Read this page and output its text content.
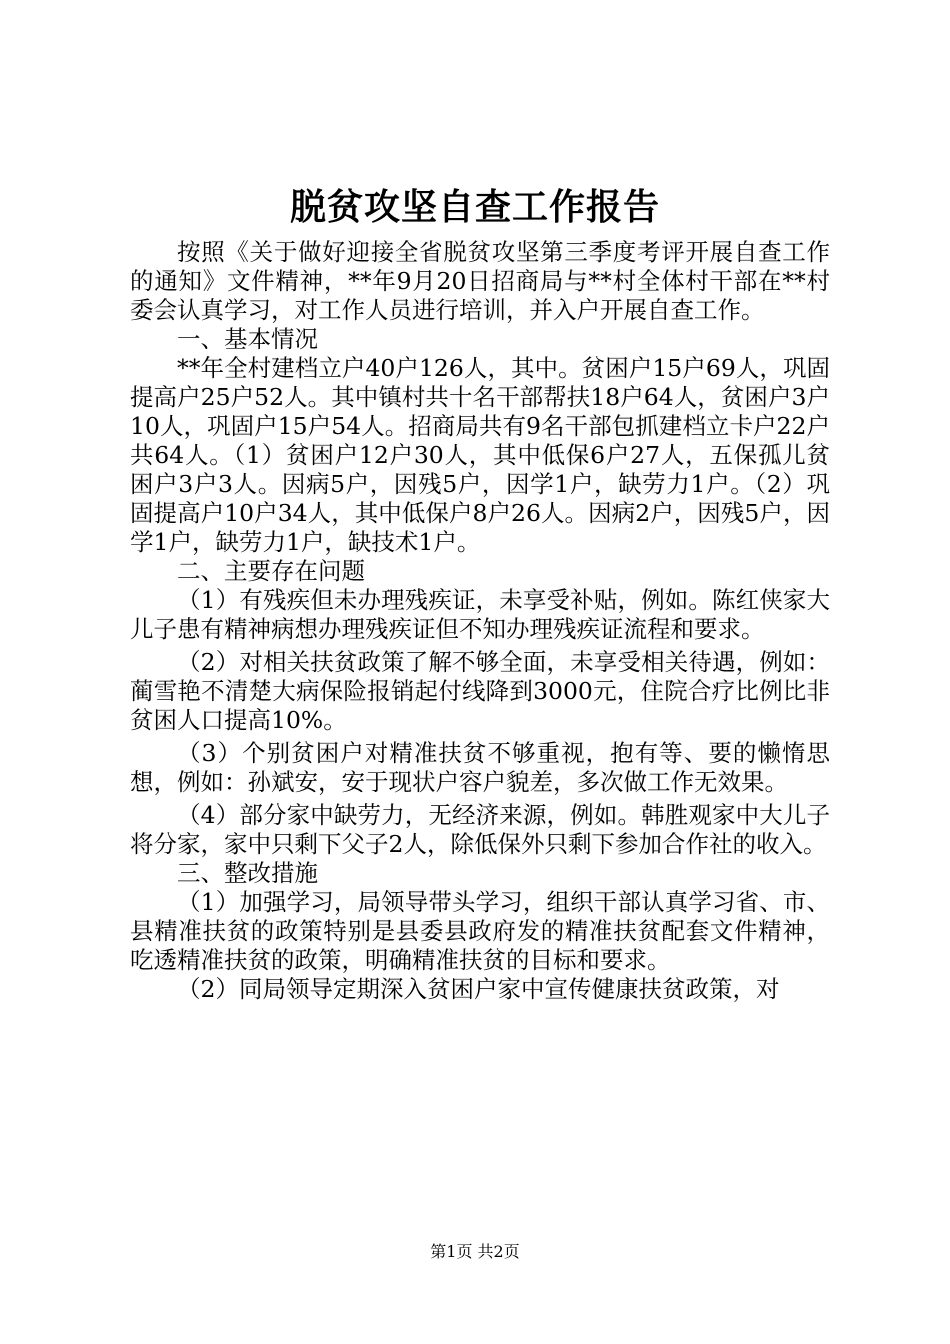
脱贫攻坚自查工作报告

按照《关于做好迎接全省脱贫攻坚第三季度考评开展自查工作的通知》文件精神，**年9月20日招商局与**村全体村干部在**村委会认真学习，对工作人员进行培训，并入户开展自查工作。

一、基本情况

**年全村建档立户40户126人，其中。贫困户15户69人，巩固提高户25户52人。其中镇村共十名干部帮扶18户64人，贫困户3户10人，巩固户15户54人。招商局共有9名干部包抓建档立卡户22户共64人。（1）贫困户12户30人，其中低保6户27人，五保孤儿贫困户3户3人。因病5户，因残5户，因学1户，缺劳力1户。（2）巩固提高户10户34人，其中低保户8户26人。因病2户，因残5户，因学1户，缺劳力1户，缺技术1户。

二、主要存在问题

（1）有残疾但未办理残疾证，未享受补贴，例如。陈红侠家大儿子患有精神病想办理残疾证但不知办理残疾证流程和要求。

（2）对相关扶贫政策了解不够全面，未享受相关待遇，例如：蔺雪艳不清楚大病保险报销起付线降到3000元，住院合疗比例比非贫困人口提高10%。

（3）个别贫困户对精准扶贫不够重视，抱有等、要的懒惰思想，例如：孙斌安，安于现状户容户貌差，多次做工作无效果。

（4）部分家中缺劳力，无经济来源，例如。韩胜观家中大儿子将分家，家中只剩下父子2人，除低保外只剩下参加合作社的收入。

三、整改措施

（1）加强学习，局领导带头学习，组织干部认真学习省、市、县精准扶贫的政策特别是县委县政府发的精准扶贫配套文件精神，吃透精准扶贫的政策，明确精准扶贫的目标和要求。

（2）同局领导定期深入贫困户家中宣传健康扶贫政策，对

第1页 共2页
